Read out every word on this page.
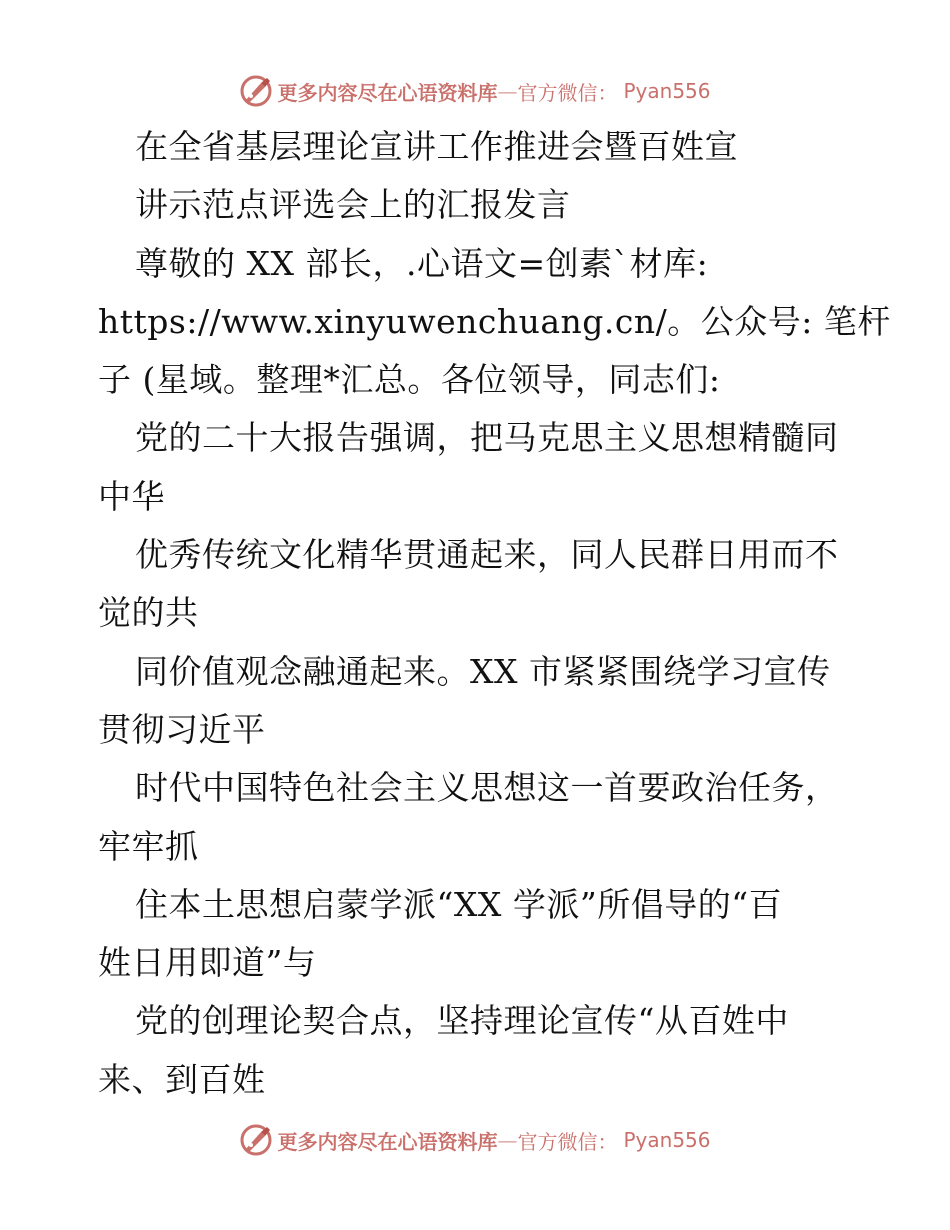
更多内容尽在心语资料库 — 官方微信： Pyan556
在全省基层理论宣讲工作推进会暨百姓宣
讲示范点评选会上的汇报发言
尊敬的 XX 部长，.心语文=创素`材库:
https://www.xinyuwenchuang.cn/。公众号: 笔杆
子 (星域。整理*汇总。各位领导，同志们:
党的二十大报告强调，把马克思主义思想精髓同
中华
优秀传统文化精华贯通起来，同人民群日用而不
觉的共
同价值观念融通起来。XX 市紧紧围绕学习宣传
贯彻习近平
时代中国特色社会主义思想这一首要政治任务，
牢牢抓
住本土思想启蒙学派“XX 学派”所倡导的“百
姓日用即道”与
党的创理论契合点，坚持理论宣传“从百姓中
来、到百姓
更多内容尽在心语资料库 — 官方微信： Pyan556
